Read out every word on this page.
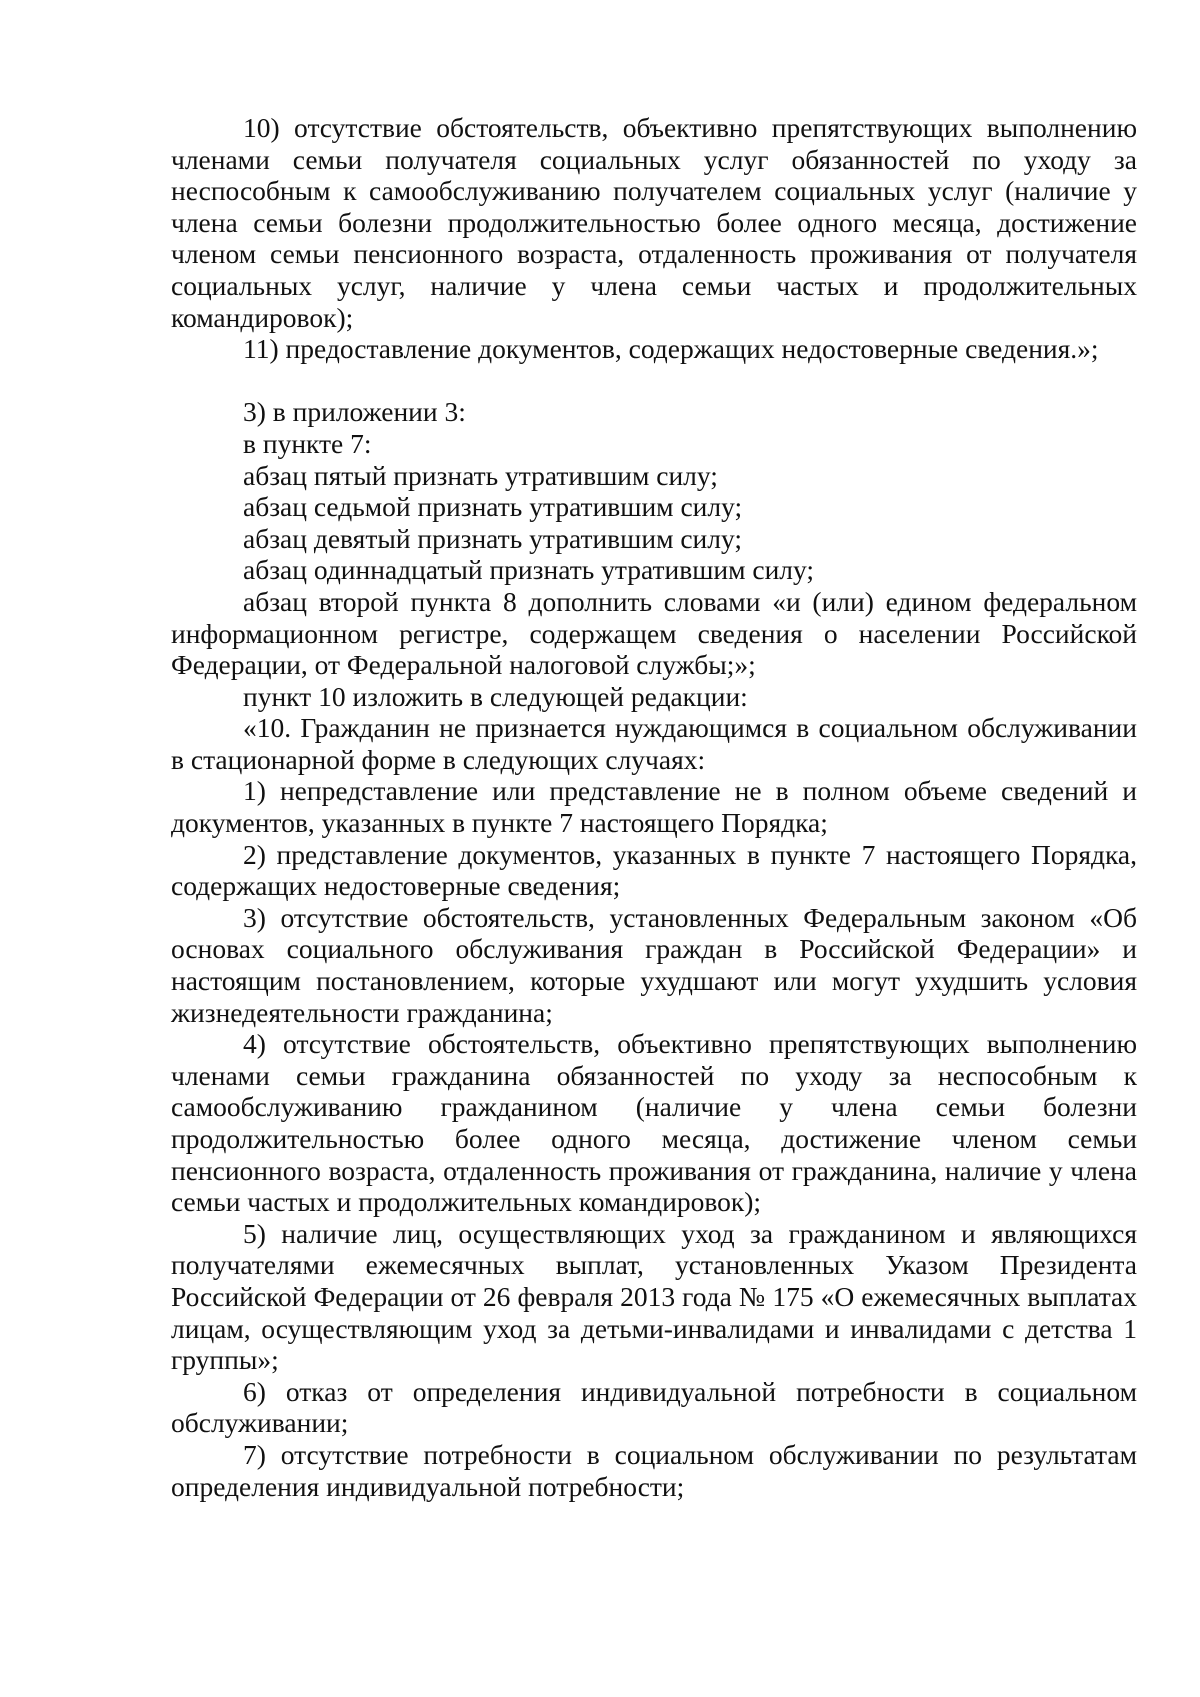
10) отсутствие обстоятельств, объективно препятствующих выполнению членами семьи получателя социальных услуг обязанностей по уходу за неспособным к самообслуживанию получателем социальных услуг (наличие у члена семьи болезни продолжительностью более одного месяца, достижение членом семьи пенсионного возраста, отдаленность проживания от получателя социальных услуг, наличие у члена семьи частых и продолжительных командировок);

11) предоставление документов, содержащих недостоверные сведения.»;

3) в приложении 3:

в пункте 7:

абзац пятый признать утратившим силу;

абзац седьмой признать утратившим силу;

абзац девятый признать утратившим силу;

абзац одиннадцатый признать утратившим силу;

абзац второй пункта 8 дополнить словами «и (или) едином федеральном информационном регистре, содержащем сведения о населении Российской Федерации, от Федеральной налоговой службы;»;

пункт 10 изложить в следующей редакции:

«10. Гражданин не признается нуждающимся в социальном обслуживании в стационарной форме в следующих случаях:

1) непредставление или представление не в полном объеме сведений и документов, указанных в пункте 7 настоящего Порядка;

2) представление документов, указанных в пункте 7 настоящего Порядка, содержащих недостоверные сведения;

3) отсутствие обстоятельств, установленных Федеральным законом «Об основах социального обслуживания граждан в Российской Федерации» и настоящим постановлением, которые ухудшают или могут ухудшить условия жизнедеятельности гражданина;

4) отсутствие обстоятельств, объективно препятствующих выполнению членами семьи гражданина обязанностей по уходу за неспособным к самообслуживанию гражданином (наличие у члена семьи болезни продолжительностью более одного месяца, достижение членом семьи пенсионного возраста, отдаленность проживания от гражданина, наличие у члена семьи частых и продолжительных командировок);

5) наличие лиц, осуществляющих уход за гражданином и являющихся получателями ежемесячных выплат, установленных Указом Президента Российской Федерации от 26 февраля 2013 года № 175 «О ежемесячных выплатах лицам, осуществляющим уход за детьми-инвалидами и инвалидами с детства 1 группы»;

6) отказ от определения индивидуальной потребности в социальном обслуживании;

7) отсутствие потребности в социальном обслуживании по результатам определения индивидуальной потребности;
